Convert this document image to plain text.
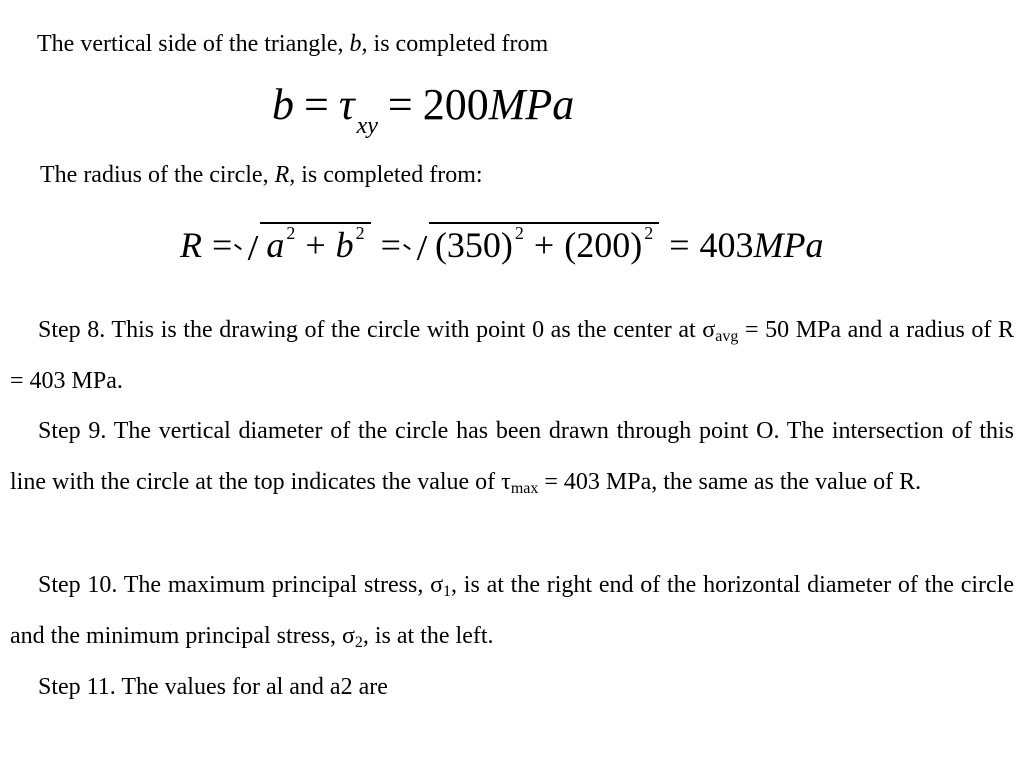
The vertical side of the triangle, b, is completed from
$b = \tau_{xy} = 200MPa$
The radius of the circle, R, is completed from:
R = a $^2$ + b $^2$ = (350) $^2$ + (200) $^2$ = 403MPa
Step 8. This is the drawing of the circle with point 0 as the center at $\sigma_{avg} = 50$ MPa and a radius of R = 403 MPa.
Step 9. The vertical diameter of the circle has been drawn through point O. The intersection of this line with the circle at the top indicates the value of $\tau_{max} = 403$ MPa, the same as the value of R.
Step 10. The maximum principal stress, $\sigma_1$, is at the right end of the horizontal diameter of the circle and the minimum principal stress, $\sigma_2$, is at the left.
Step 11. The values for al and a2 are
